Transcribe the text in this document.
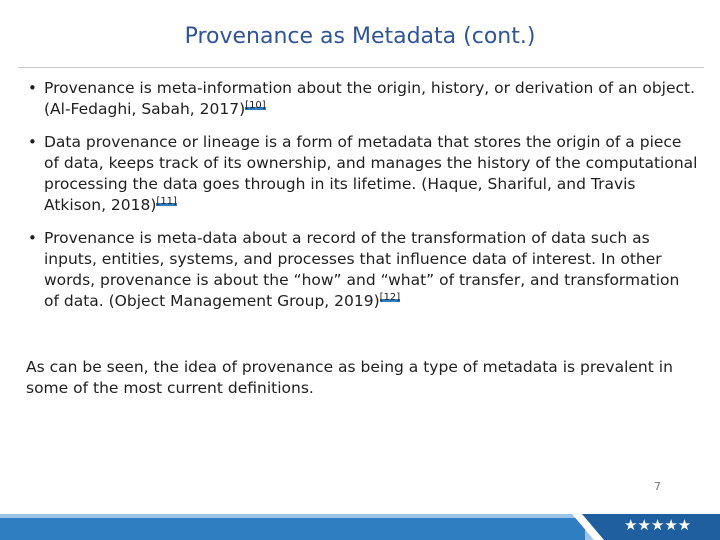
Provenance as Metadata (cont.)
• Provenance is meta-information about the origin, history, or derivation of an object. (Al-Fedaghi, Sabah, 2017)[10]
• Data provenance or lineage is a form of metadata that stores the origin of a piece of data, keeps track of its ownership, and manages the history of the computational processing the data goes through in its lifetime. (Haque, Shariful, and Travis Atkison, 2018)[11]
• Provenance is meta-data about a record of the transformation of data such as inputs, entities, systems, and processes that influence data of interest. In other words, provenance is about the “how” and “what” of transfer, and transformation of data. (Object Management Group, 2019)[12]

As can be seen, the idea of provenance as being a type of metadata is prevalent in some of the most current definitions.

7
★★★★★
